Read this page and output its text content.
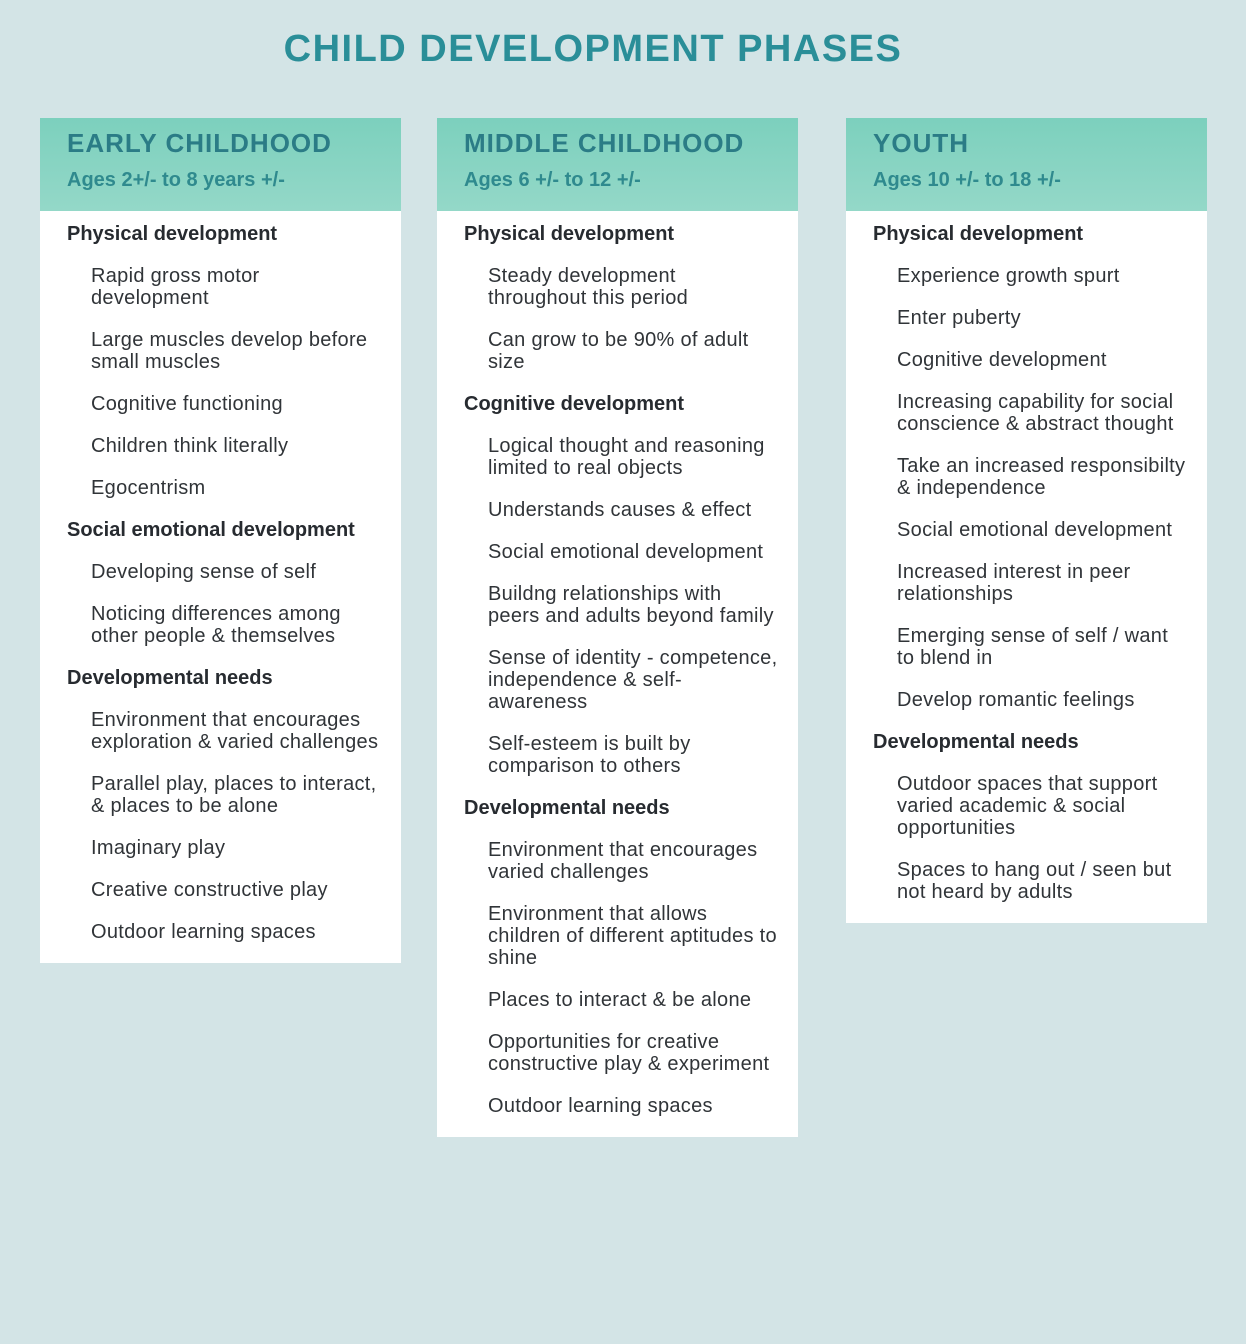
CHILD DEVELOPMENT PHASES
EARLY CHILDHOOD
Ages 2+/- to 8 years +/-
Physical development
Rapid gross motor development
Large muscles develop before small muscles
Cognitive functioning
Children think literally
Egocentrism
Social emotional development
Developing sense of self
Noticing differences among other people & themselves
Developmental needs
Environment that encourages exploration & varied challenges
Parallel play, places to interact, & places to be alone
Imaginary play
Creative constructive play
Outdoor learning spaces
MIDDLE CHILDHOOD
Ages 6 +/- to 12 +/-
Physical development
Steady development throughout this period
Can grow to be 90% of adult size
Cognitive development
Logical thought and reasoning limited to real objects
Understands causes & effect
Social emotional development
Buildng relationships with peers and adults beyond family
Sense of identity - competence, independence & self-awareness
Self-esteem is built by comparison to others
Developmental needs
Environment that encourages varied challenges
Environment that allows children of different aptitudes to shine
Places to interact & be alone
Opportunities for creative constructive play & experiment
Outdoor learning spaces
YOUTH
Ages 10 +/- to 18 +/-
Physical development
Experience growth spurt
Enter puberty
Cognitive development
Increasing capability for social conscience & abstract thought
Take an increased responsibilty & independence
Social emotional development
Increased interest in peer relationships
Emerging sense of self / want to blend in
Develop romantic feelings
Developmental needs
Outdoor spaces that support varied academic & social opportunities
Spaces to hang out / seen but not heard by adults
